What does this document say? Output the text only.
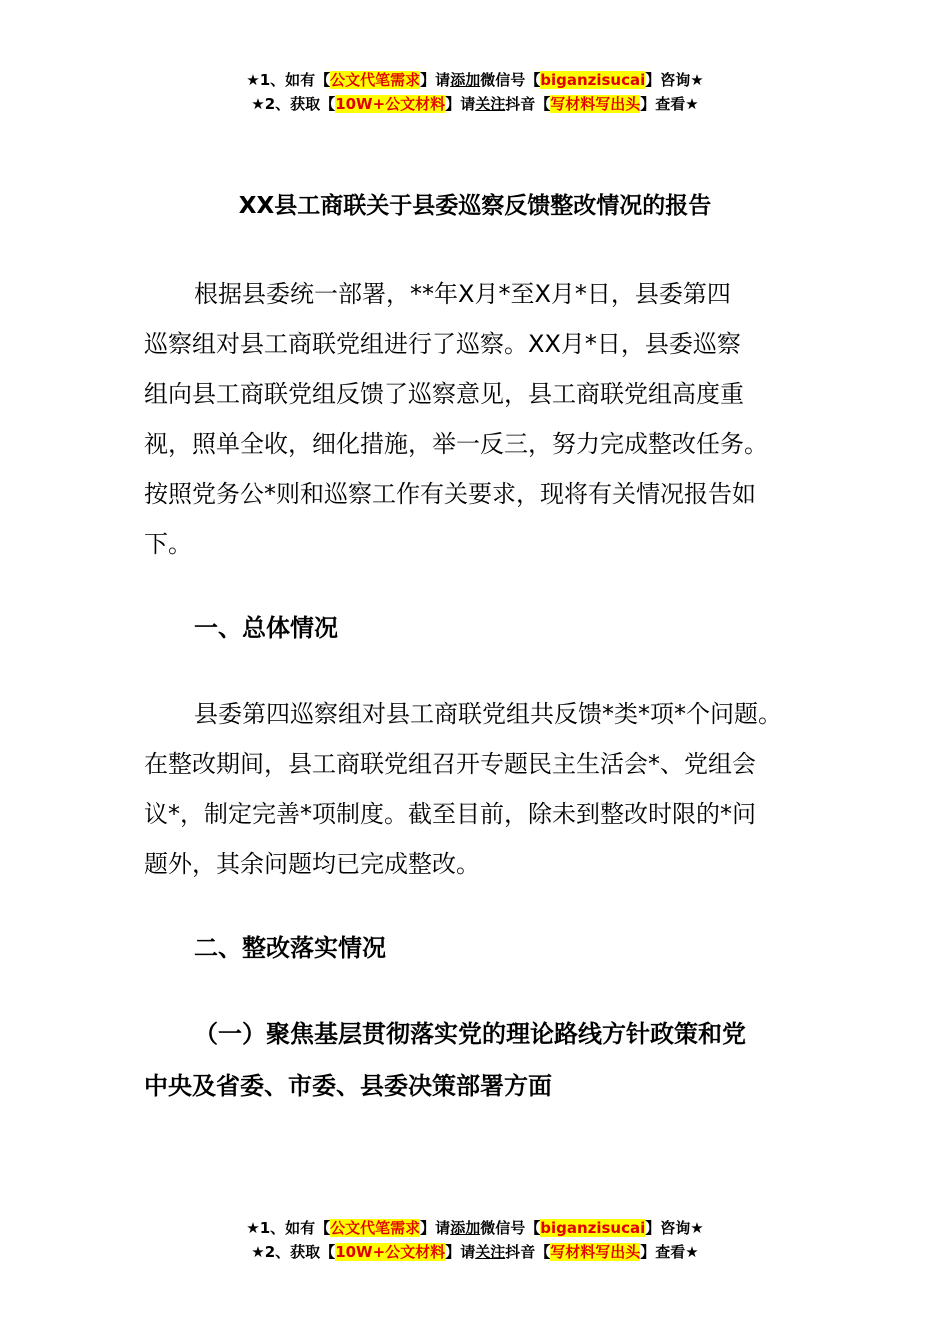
★1、如有【公文代笔需求】请添加微信号【biganzisucai】咨询★
★2、获取【10W+公文材料】请关注抖音【写材料写出头】查看★
XX县工商联关于县委巡察反馈整改情况的报告
根据县委统一部署，**年X月*至X月*日，县委第四
巡察组对县工商联党组进行了巡察。XX月*日，县委巡察
组向县工商联党组反馈了巡察意见，县工商联党组高度重
视，照单全收，细化措施，举一反三，努力完成整改任务。
按照党务公*则和巡察工作有关要求，现将有关情况报告如
下。
一、总体情况
县委第四巡察组对县工商联党组共反馈*类*项*个问题。
在整改期间，县工商联党组召开专题民主生活会*、党组会
议*，制定完善*项制度。截至目前，除未到整改时限的*问
题外，其余问题均已完成整改。
二、整改落实情况
（一）聚焦基层贯彻落实党的理论路线方针政策和党
中央及省委、市委、县委决策部署方面
★1、如有【公文代笔需求】请添加微信号【biganzisucai】咨询★
★2、获取【10W+公文材料】请关注抖音【写材料写出头】查看★
